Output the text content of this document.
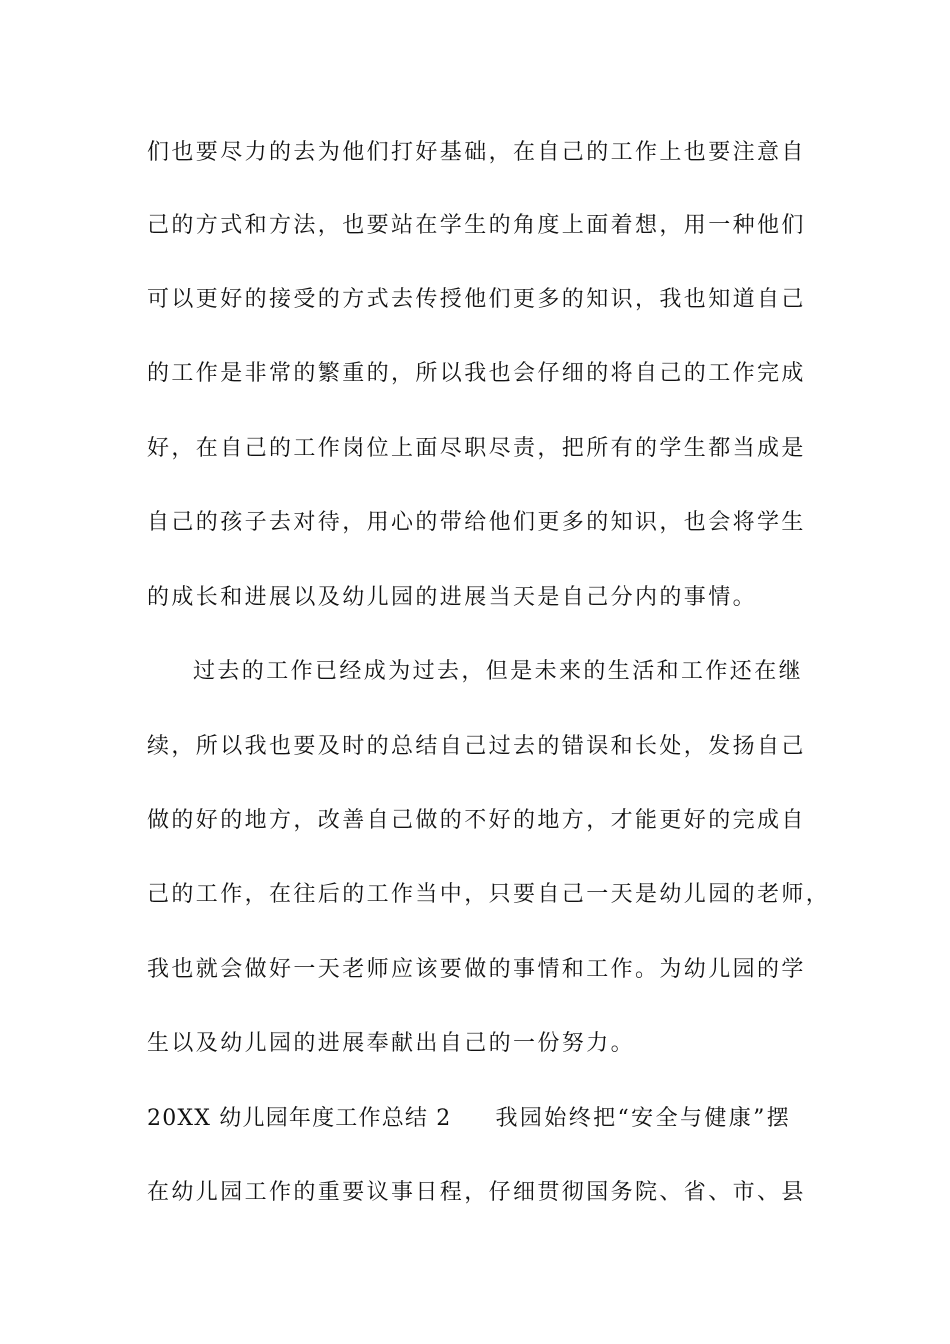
们也要尽力的去为他们打好基础，在自己的工作上也要注意自
己的方式和方法，也要站在学生的角度上面着想，用一种他们
可以更好的接受的方式去传授他们更多的知识，我也知道自己
的工作是非常的繁重的，所以我也会仔细的将自己的工作完成
好，在自己的工作岗位上面尽职尽责，把所有的学生都当成是
自己的孩子去对待，用心的带给他们更多的知识，也会将学生
的成长和进展以及幼儿园的进展当天是自己分内的事情。
过去的工作已经成为过去，但是未来的生活和工作还在继
续，所以我也要及时的总结自己过去的错误和长处，发扬自己
做的好的地方，改善自己做的不好的地方，才能更好的完成自
己的工作，在往后的工作当中，只要自己一天是幼儿园的老师，
我也就会做好一天老师应该要做的事情和工作。为幼儿园的学
生以及幼儿园的进展奉献出自己的一份努力。
20XX 幼儿园年度工作总结 2 我园始终把“安全与健康”摆
在幼儿园工作的重要议事日程，仔细贯彻国务院、省、市、县
